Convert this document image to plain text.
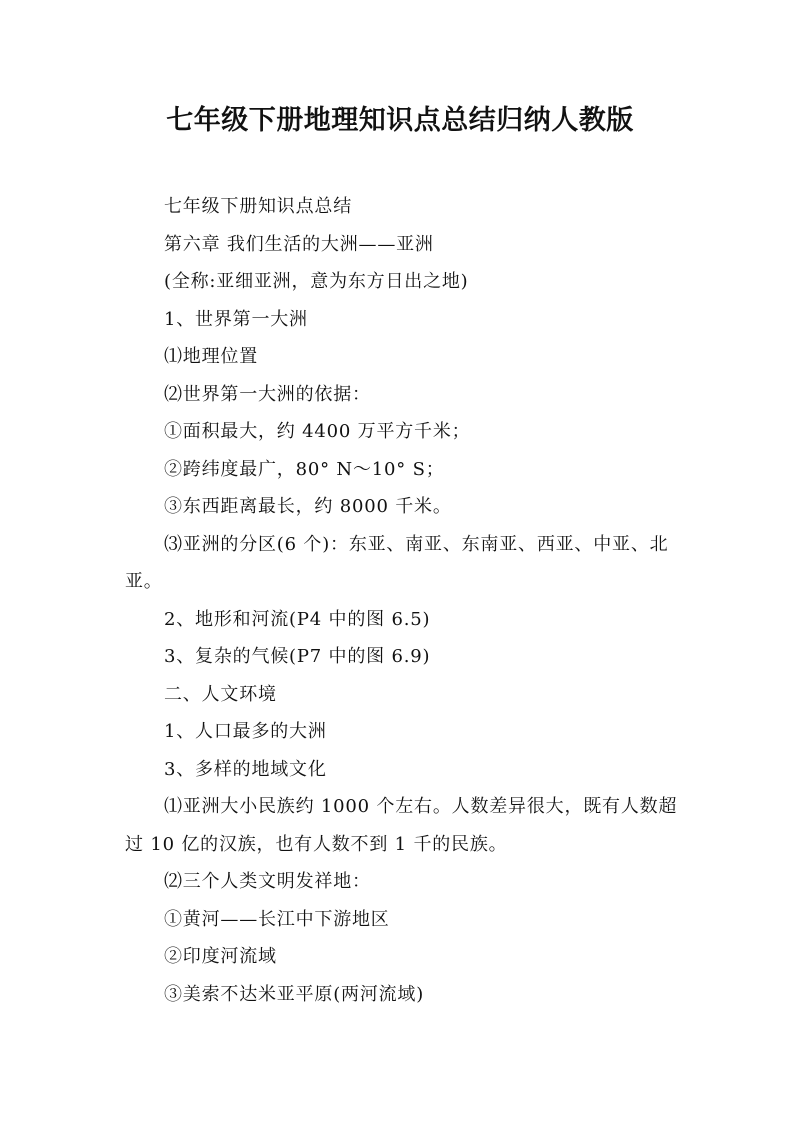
七年级下册地理知识点总结归纳人教版

七年级下册知识点总结

第六章 我们生活的大洲——亚洲

(全称:亚细亚洲，意为东方日出之地)

1、世界第一大洲

⑴地理位置

⑵世界第一大洲的依据：

①面积最大，约 4400 万平方千米；

②跨纬度最广，80° N～10° S；

③东西距离最长，约 8000 千米。

⑶亚洲的分区(6 个)：东亚、南亚、东南亚、西亚、中亚、北亚。

2、地形和河流(P4 中的图 6.5)

3、复杂的气候(P7 中的图 6.9)

二、人文环境

1、人口最多的大洲

3、多样的地域文化

⑴亚洲大小民族约 1000 个左右。人数差异很大，既有人数超过 10 亿的汉族，也有人数不到 1 千的民族。

⑵三个人类文明发祥地：

①黄河——长江中下游地区

②印度河流域

③美索不达米亚平原(两河流域)
